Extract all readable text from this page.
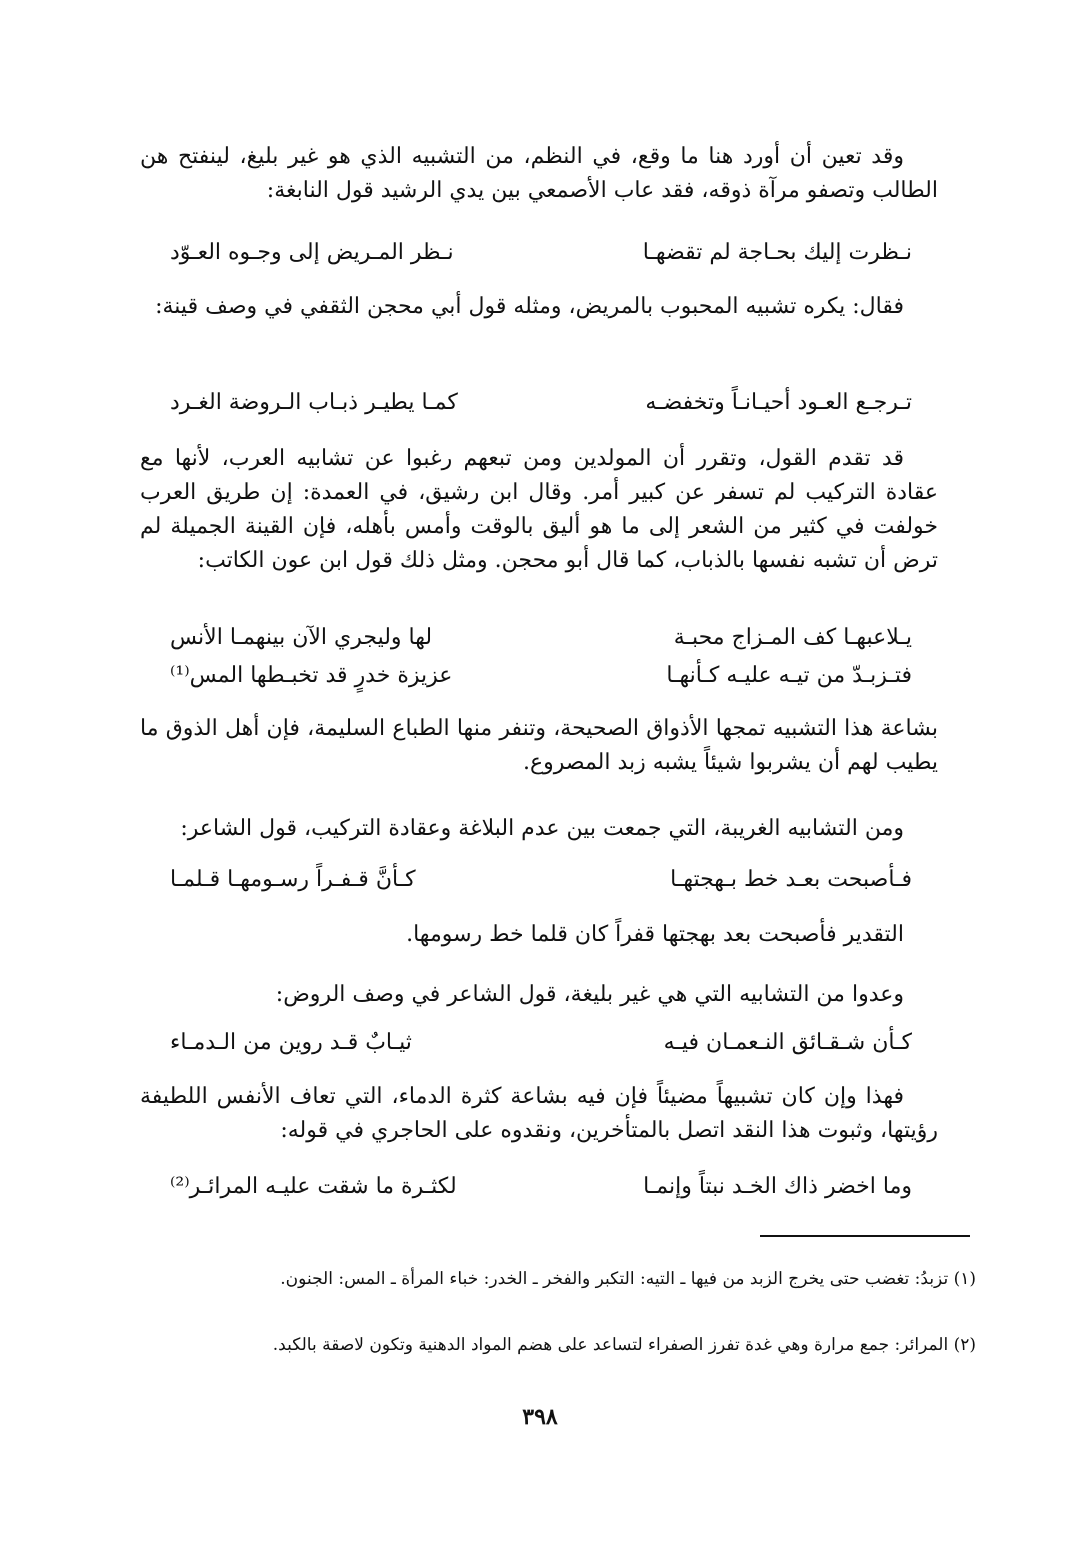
وقد تعين أن أورد هنا ما وقع، في النظم، من التشبيه الذي هو غير بليغ، لينفتح هن الطالب وتصفو مرآة ذوقه، فقد عاب الأصمعي بين يدي الرشيد قول النابغة:
نـظرت إليك بحـاجة لم تقضهـا
نـظر المـريض إلى وجـوه العـوّد
فقال: يكره تشبيه المحبوب بالمريض، ومثله قول أبي محجن الثقفي في وصف قينة:
تـرجـع العـود أحيـانـاً وتخفضـه
كمـا يطيـر ذبـاب الـروضة الغـرد
قد تقدم القول، وتقرر أن المولدين ومن تبعهم رغبوا عن تشابيه العرب، لأنها مع عقادة التركيب لم تسفر عن كبير أمر. وقال ابن رشيق، في العمدة: إن طريق العرب خولفت في كثير من الشعر إلى ما هو أليق بالوقت وأمس بأهله، فإن القينة الجميلة لم ترض أن تشبه نفسها بالذباب، كما قال أبو محجن. ومثل ذلك قول ابن عون الكاتب:
يـلاعبهـا كف المـزاج محبـة
لها وليجري الآن بينهمـا الأنس
فتـزبـدّ من تيـه عليـه كـأنهـا
عزيزة خدرٍ قد تخبـطها المس⁽¹⁾
بشاعة هذا التشبيه تمجها الأذواق الصحيحة، وتنفر منها الطباع السليمة، فإن أهل الذوق ما يطيب لهم أن يشربوا شيئاً يشبه زبد المصروع.
ومن التشابيه الغريبة، التي جمعت بين عدم البلاغة وعقادة التركيب، قول الشاعر:
فـأصبحت بعـد خط بـهجتهـا
كـأنَّ قـفـراً رسـومهـا قـلمـا
التقدير فأصبحت بعد بهجتها قفراً كان قلما خط رسومها.
وعدوا من التشابيه التي هي غير بليغة، قول الشاعر في وصف الروض:
كـأن شـقـائق النـعمـان فيـه
ثيـابٌ قـد روين من الـدمـاء
فهذا وإن كان تشبيهاً مضيئاً فإن فيه بشاعة كثرة الدماء، التي تعاف الأنفس اللطيفة رؤيتها، وثبوت هذا النقد اتصل بالمتأخرين، ونقدوه على الحاجري في قوله:
وما اخضر ذاك الخـد نبتاً وإنمـا
لكثـرة ما شقت عليـه المرائـر⁽²⁾
(١) تزبدُ: تغضب حتى يخرج الزبد من فيها ـ التيه: التكبر والفخر ـ الخدر: خباء المرأة ـ المس: الجنون.
(٢) المرائر: جمع مرارة وهي غدة تفرز الصفراء لتساعد على هضم المواد الدهنية وتكون لاصقة بالكبد.
٣٩٨
